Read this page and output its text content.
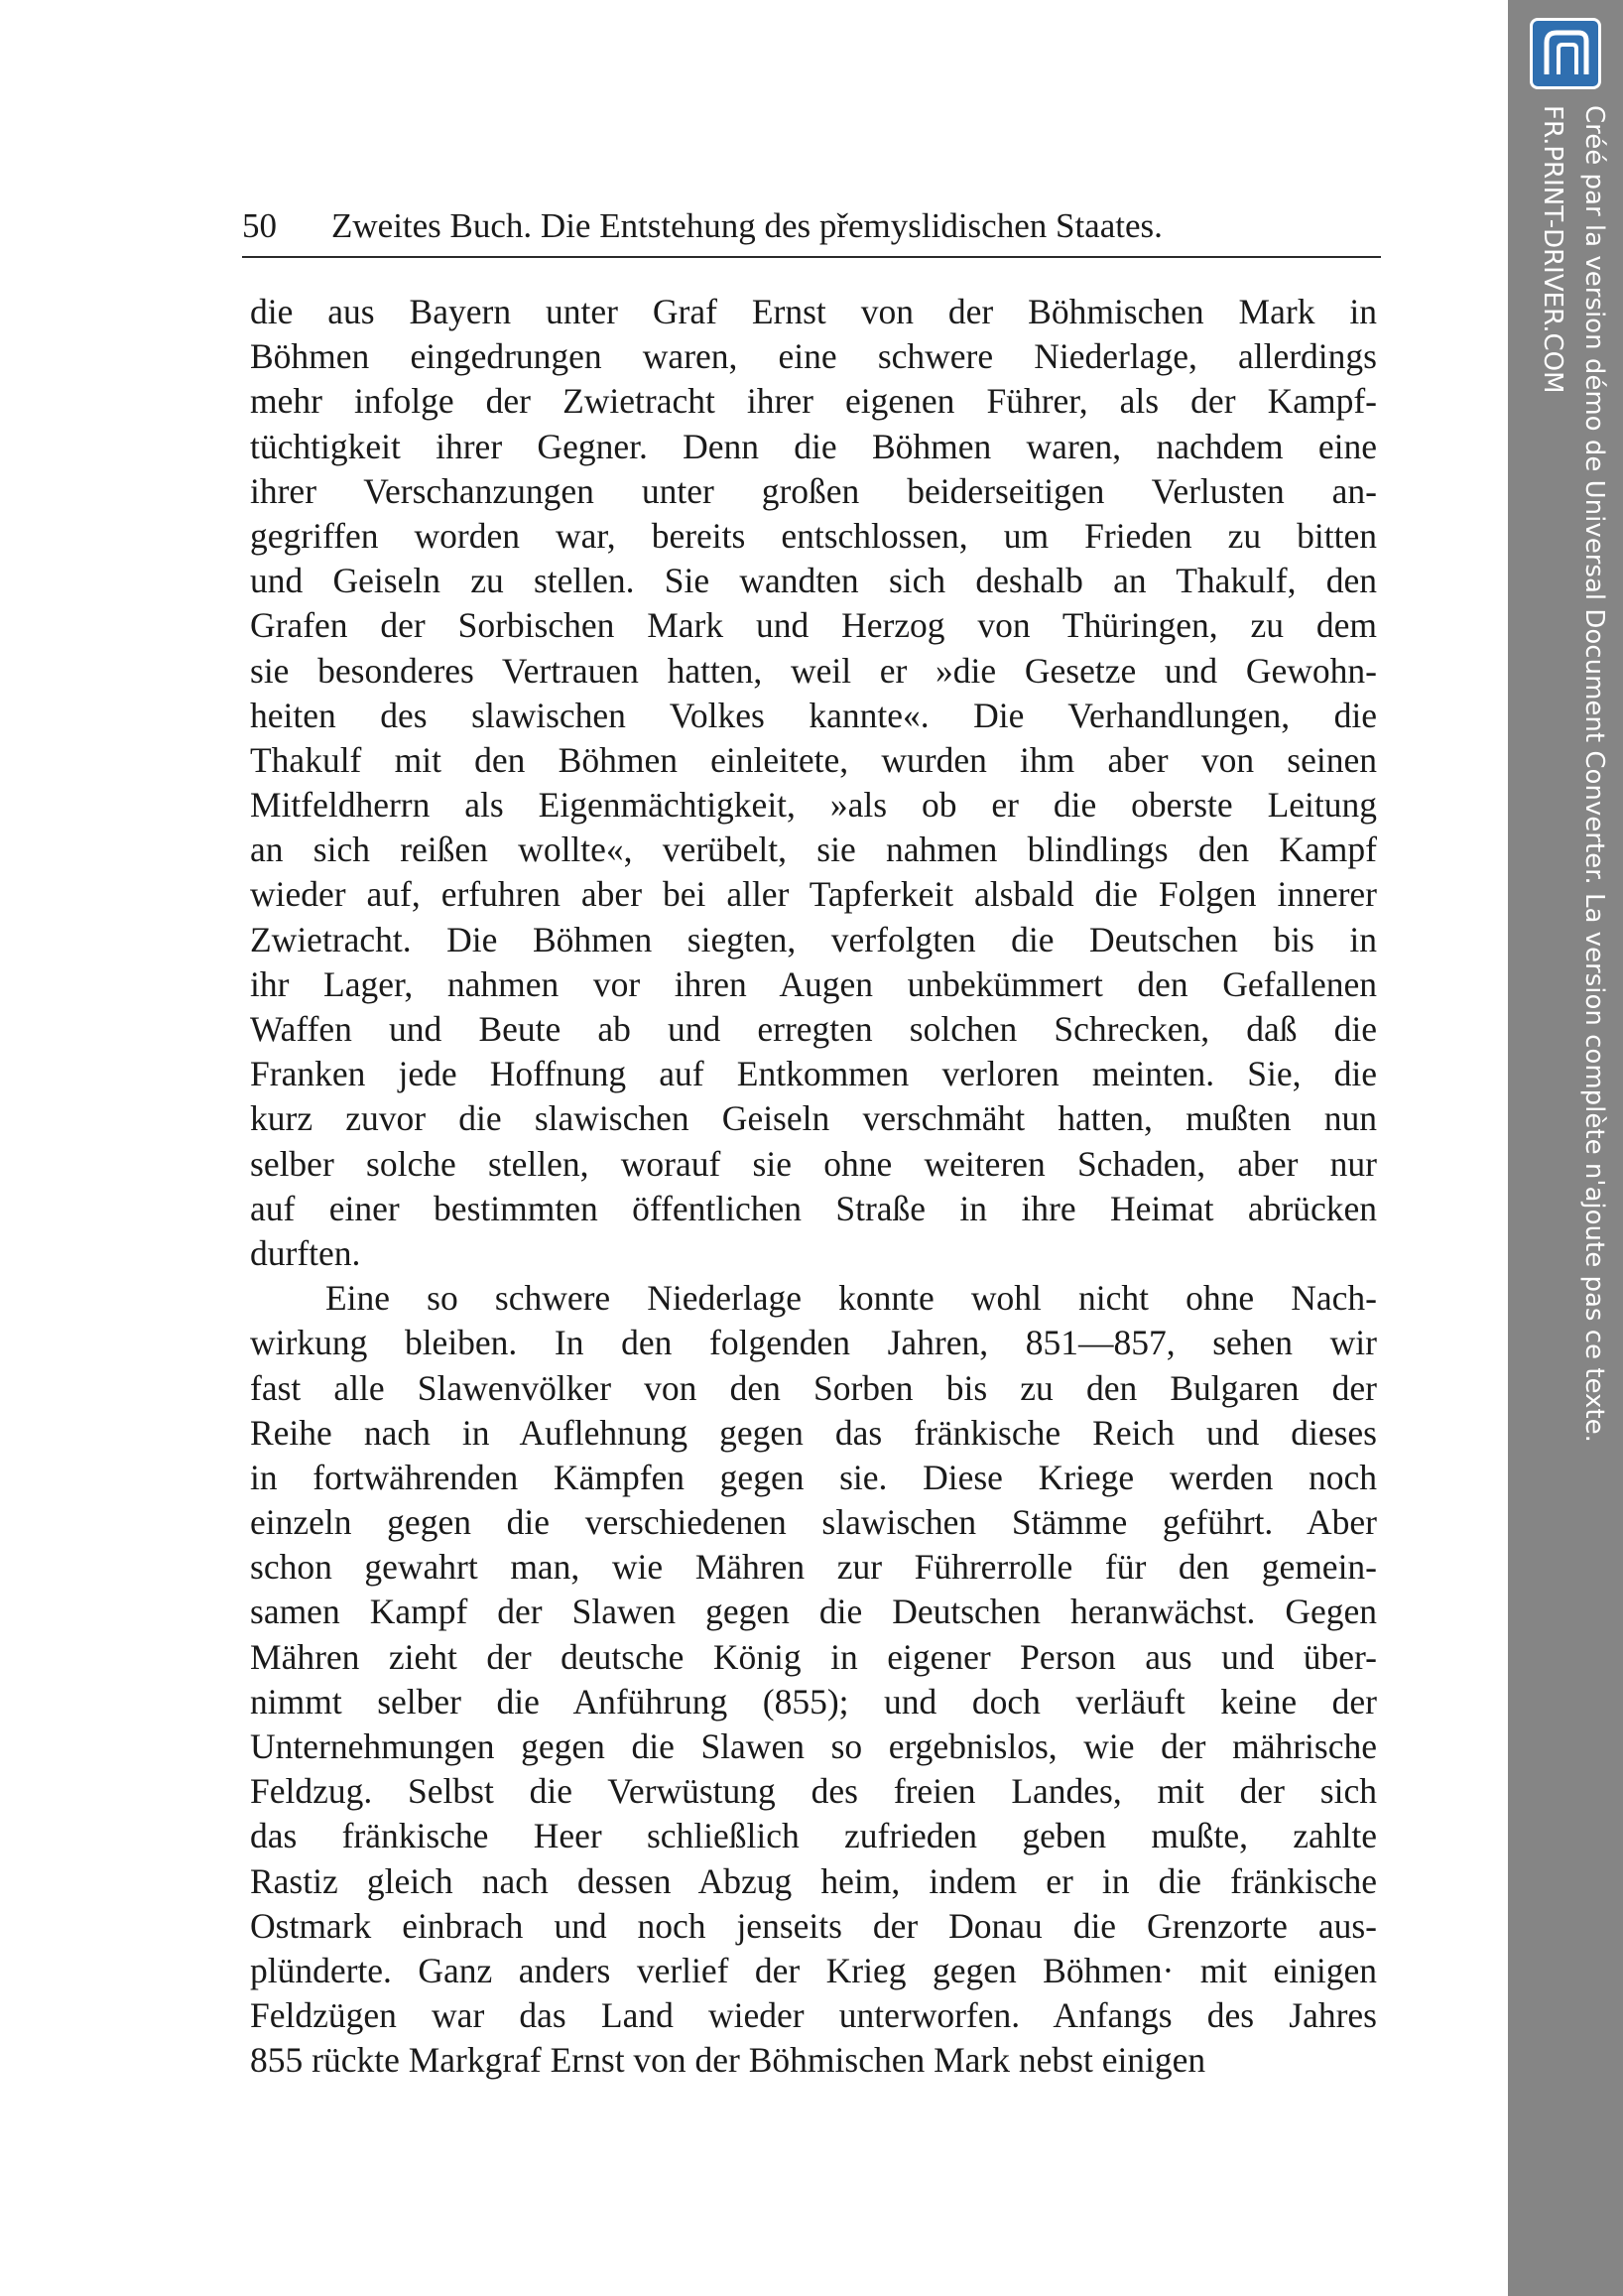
50 Zweites Buch. Die Entstehung des přemyslidischen Staates.
die aus Bayern unter Graf Ernst von der Böhmischen Mark in
Böhmen eingedrungen waren, eine schwere Niederlage, allerdings
mehr infolge der Zwietracht ihrer eigenen Führer, als der Kampf-
tüchtigkeit ihrer Gegner. Denn die Böhmen waren, nachdem eine
ihrer Verschanzungen unter großen beiderseitigen Verlusten an-
gegriffen worden war, bereits entschlossen, um Frieden zu bitten
und Geiseln zu stellen. Sie wandten sich deshalb an Thakulf, den
Grafen der Sorbischen Mark und Herzog von Thüringen, zu dem
sie besonderes Vertrauen hatten, weil er »die Gesetze und Gewohn-
heiten des slawischen Volkes kannte«. Die Verhandlungen, die
Thakulf mit den Böhmen einleitete, wurden ihm aber von seinen
Mitfeldherrn als Eigenmächtigkeit, »als ob er die oberste Leitung
an sich reißen wollte«, verübelt, sie nahmen blindlings den Kampf
wieder auf, erfuhren aber bei aller Tapferkeit alsbald die Folgen innerer
Zwietracht. Die Böhmen siegten, verfolgten die Deutschen bis in
ihr Lager, nahmen vor ihren Augen unbekümmert den Gefallenen
Waffen und Beute ab und erregten solchen Schrecken, daß die
Franken jede Hoffnung auf Entkommen verloren meinten. Sie, die
kurz zuvor die slawischen Geiseln verschmäht hatten, mußten nun
selber solche stellen, worauf sie ohne weiteren Schaden, aber nur
auf einer bestimmten öffentlichen Straße in ihre Heimat abrücken
durften.
Eine so schwere Niederlage konnte wohl nicht ohne Nach-
wirkung bleiben. In den folgenden Jahren, 851—857, sehen wir
fast alle Slawenvölker von den Sorben bis zu den Bulgaren der
Reihe nach in Auflehnung gegen das fränkische Reich und dieses
in fortwährenden Kämpfen gegen sie. Diese Kriege werden noch
einzeln gegen die verschiedenen slawischen Stämme geführt. Aber
schon gewahrt man, wie Mähren zur Führerrolle für den gemein-
samen Kampf der Slawen gegen die Deutschen heranwächst. Gegen
Mähren zieht der deutsche König in eigener Person aus und über-
nimmt selber die Anführung (855); und doch verläuft keine der
Unternehmungen gegen die Slawen so ergebnislos, wie der mährische
Feldzug. Selbst die Verwüstung des freien Landes, mit der sich
das fränkische Heer schließlich zufrieden geben mußte, zahlte
Rastiz gleich nach dessen Abzug heim, indem er in die fränkische
Ostmark einbrach und noch jenseits der Donau die Grenzorte aus-
plünderte. Ganz anders verlief der Krieg gegen Böhmen· mit einigen
Feldzügen war das Land wieder unterworfen. Anfangs des Jahres
855 rückte Markgraf Ernst von der Böhmischen Mark nebst einigen
Créé par la version démo de Universal Document Converter. La version complète n'ajoute pas ce texte.
FR.PRINT-DRIVER.COM
